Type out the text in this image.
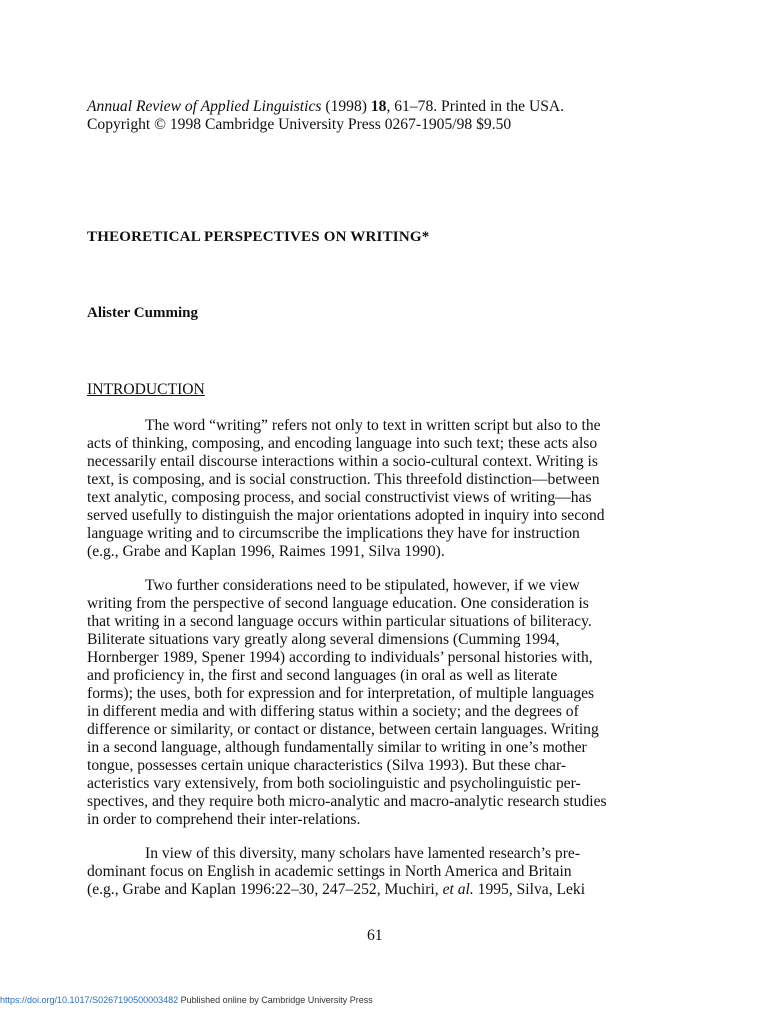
Annual Review of Applied Linguistics (1998) 18, 61–78. Printed in the USA.
Copyright © 1998 Cambridge University Press 0267-1905/98 $9.50
THEORETICAL PERSPECTIVES ON WRITING*
Alister Cumming
INTRODUCTION
The word “writing” refers not only to text in written script but also to the
acts of thinking, composing, and encoding language into such text; these acts also
necessarily entail discourse interactions within a socio-cultural context. Writing is
text, is composing, and is social construction. This threefold distinction—between
text analytic, composing process, and social constructivist views of writing—has
served usefully to distinguish the major orientations adopted in inquiry into second
language writing and to circumscribe the implications they have for instruction
(e.g., Grabe and Kaplan 1996, Raimes 1991, Silva 1990).
Two further considerations need to be stipulated, however, if we view
writing from the perspective of second language education. One consideration is
that writing in a second language occurs within particular situations of biliteracy.
Biliterate situations vary greatly along several dimensions (Cumming 1994,
Hornberger 1989, Spener 1994) according to individuals’ personal histories with,
and proficiency in, the first and second languages (in oral as well as literate
forms); the uses, both for expression and for interpretation, of multiple languages
in different media and with differing status within a society; and the degrees of
difference or similarity, or contact or distance, between certain languages. Writing
in a second language, although fundamentally similar to writing in one’s mother
tongue, possesses certain unique characteristics (Silva 1993). But these char-
acteristics vary extensively, from both sociolinguistic and psycholinguistic per-
spectives, and they require both micro-analytic and macro-analytic research studies
in order to comprehend their inter-relations.
In view of this diversity, many scholars have lamented research’s pre-
dominant focus on English in academic settings in North America and Britain
(e.g., Grabe and Kaplan 1996:22–30, 247–252, Muchiri, et al. 1995, Silva, Leki
61
https://doi.org/10.1017/S0267190500003482 Published online by Cambridge University Press
